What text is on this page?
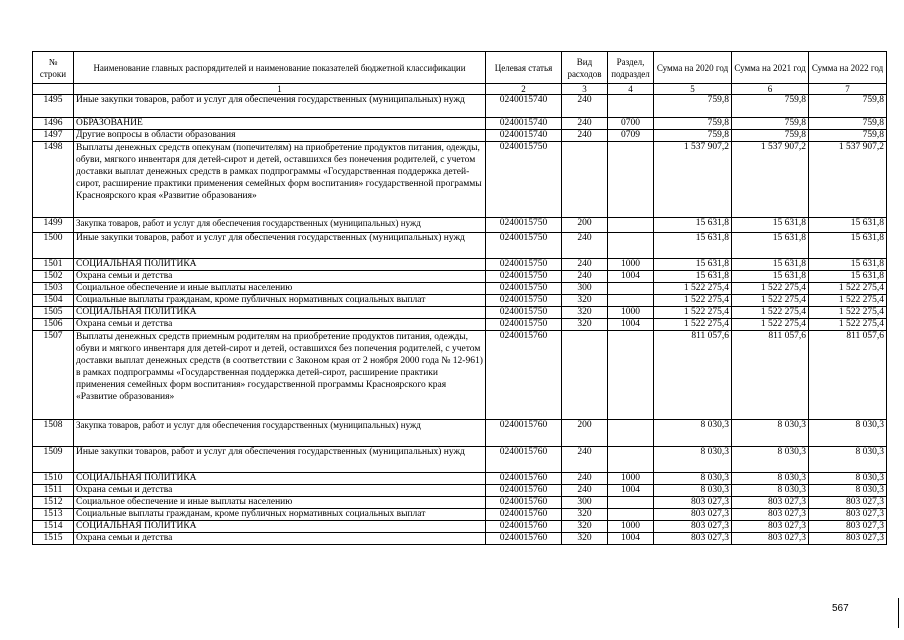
№ строки	Наименование главных распорядителей и наименование показателей бюджетной классификации	Целевая статья	Вид расходов	Раздел, подраздел	Сумма на 2020 год	Сумма на 2021 год	Сумма на 2022 год
	1	2	3	4	5	6	7
1495	Иные закупки товаров, работ и услуг для обеспечения государственных (муниципальных) нужд	0240015740	240		759,8	759,8	759,8
1496	ОБРАЗОВАНИЕ	0240015740	240	0700	759,8	759,8	759,8
1497	Другие вопросы в области образования	0240015740	240	0709	759,8	759,8	759,8
1498	Выплаты денежных средств опекунам (попечителям) на приобретение продуктов питания, одежды, обуви, мягкого инвентаря для детей-сирот и детей, оставшихся без понечения родителей, с учетом доставки выплат денежных средств в рамках подпрограммы «Государственная поддержка детей-сирот, расширение практики применения семейных форм воспитания» государственной программы Красноярского края «Развитие образования»	0240015750			1 537 907,2	1 537 907,2	1 537 907,2
1499	Закупка товаров, работ и услуг для обеспечения государственных (муниципальных) нужд	0240015750	200		15 631,8	15 631,8	15 631,8
1500	Иные закупки товаров, работ и услуг для обеспечения государственных (муниципальных) нужд	0240015750	240		15 631,8	15 631,8	15 631,8
1501	СОЦИАЛЬНАЯ ПОЛИТИКА	0240015750	240	1000	15 631,8	15 631,8	15 631,8
1502	Охрана семьи и детства	0240015750	240	1004	15 631,8	15 631,8	15 631,8
1503	Социальное обеспечение и иные выплаты населению	0240015750	300		1 522 275,4	1 522 275,4	1 522 275,4
1504	Социальные выплаты гражданам, кроме публичных нормативных социальных выплат	0240015750	320		1 522 275,4	1 522 275,4	1 522 275,4
1505	СОЦИАЛЬНАЯ ПОЛИТИКА	0240015750	320	1000	1 522 275,4	1 522 275,4	1 522 275,4
1506	Охрана семьи и детства	0240015750	320	1004	1 522 275,4	1 522 275,4	1 522 275,4
1507	Выплаты денежных средств приемным родителям на приобретение продуктов питания, одежды, обуви и мягкого инвентаря для детей-сирот и детей, оставшихся без попечения родителей, с учетом доставки выплат денежных средств (в соответствии с Законом края от 2 ноября 2000 года № 12-961) в рамках подпрограммы «Государственная поддержка детей-сирот, расширение практики применения семейных форм воспитания» государственной программы Красноярского края «Развитие образования»	0240015760			811 057,6	811 057,6	811 057,6
1508	Закупка товаров, работ и услуг для обеспечения государственных (муниципальных) нужд	0240015760	200		8 030,3	8 030,3	8 030,3
1509	Иные закупки товаров, работ и услуг для обеспечения государственных (муниципальных) нужд	0240015760	240		8 030,3	8 030,3	8 030,3
1510	СОЦИАЛЬНАЯ ПОЛИТИКА	0240015760	240	1000	8 030,3	8 030,3	8 030,3
1511	Охрана семьи и детства	0240015760	240	1004	8 030,3	8 030,3	8 030,3
1512	Социальное обеспечение и иные выплаты населению	0240015760	300		803 027,3	803 027,3	803 027,3
1513	Социальные выплаты гражданам, кроме публичных нормативных социальных выплат	0240015760	320		803 027,3	803 027,3	803 027,3
1514	СОЦИАЛЬНАЯ ПОЛИТИКА	0240015760	320	1000	803 027,3	803 027,3	803 027,3
1515	Охрана семьи и детства	0240015760	320	1004	803 027,3	803 027,3	803 027,3
567
